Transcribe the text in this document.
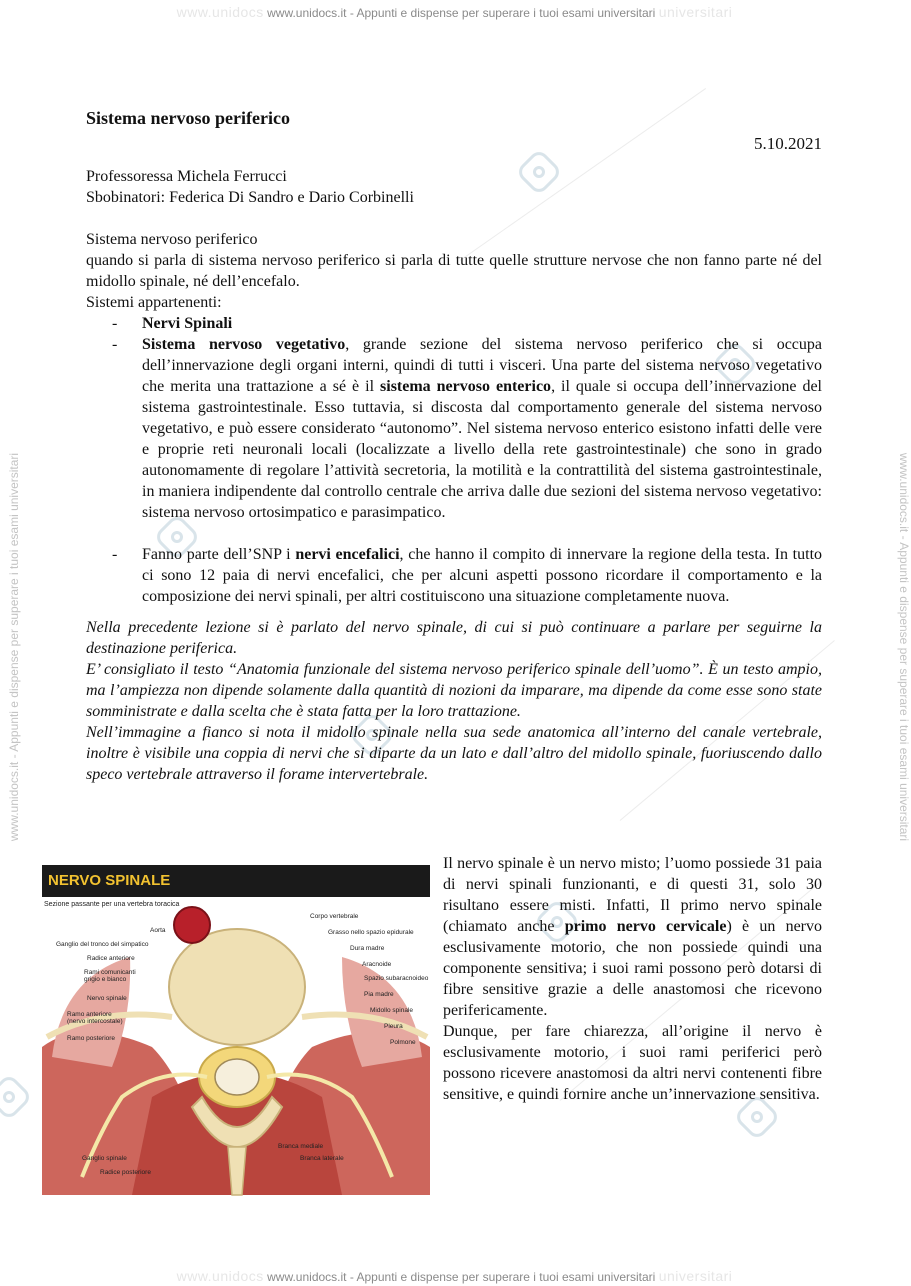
www.unidocs www.unidocs.it - Appunti e dispense per superare i tuoi esami universitari universitari
www.unidocs.it - Appunti e dispense per superare i tuoi esami universitari	www.unidocs.it - Appunti e dispense per superare i tuoi esami universitari

Sistema nervoso periferico

5.10.2021

Professoressa Michela Ferrucci

Sbobinatori: Federica Di Sandro e Dario Corbinelli

Sistema nervoso periferico

quando si parla di sistema nervoso periferico si parla di tutte quelle strutture nervose che non fanno parte né del midollo spinale, né dell’encefalo.

Sistemi appartenenti:

- Nervi Spinali
- Sistema nervoso vegetativo, grande sezione del sistema nervoso periferico che si occupa dell’innervazione degli organi interni, quindi di tutti i visceri. Una parte del sistema nervoso vegetativo che merita una trattazione a sé è il sistema nervoso enterico, il quale si occupa dell’innervazione del sistema gastrointestinale. Esso tuttavia, si discosta dal comportamento generale del sistema nervoso vegetativo, e può essere considerato “autonomo”. Nel sistema nervoso enterico esistono infatti delle vere e proprie reti neuronali locali (localizzate a livello della rete gastrointestinale) che sono in grado autonomamente di regolare l’attività secretoria, la motilità e la contrattilità del sistema gastrointestinale, in maniera indipendente dal controllo centrale che arriva dalle due sezioni del sistema nervoso vegetativo: sistema nervoso ortosimpatico e parasimpatico.
- Fanno parte dell’SNP i nervi encefalici, che hanno il compito di innervare la regione della testa. In tutto ci sono 12 paia di nervi encefalici, che per alcuni aspetti possono ricordare il comportamento e la composizione dei nervi spinali, per altri costituiscono una situazione completamente nuova.

Nella precedente lezione si è parlato del nervo spinale, di cui si può continuare a parlare per seguirne la destinazione periferica.

E’ consigliato il testo “Anatomia funzionale del sistema nervoso periferico spinale dell’uomo”. È un testo ampio, ma l’ampiezza non dipende solamente dalla quantità di nozioni da imparare, ma dipende da come esse sono state somministrate e dalla scelta che è stata fatta per la loro trattazione.

Nell’immagine a fianco si nota il midollo spinale nella sua sede anatomica all’interno del canale vertebrale, inoltre è visibile una coppia di nervi che si diparte da un lato e dall’altro del midollo spinale, fuoriuscendo dallo speco vertebrale attraverso il forame intervertebrale.

NERVO SPINALE
Sezione passante per una vertebra toracica
Aorta
Ganglio del tronco del simpatico
Radice anteriore
Rami comunicanti grigio e bianco
Nervo spinale
Ramo anteriore (nervo intercostale)
Ramo posteriore
Ganglio spinale
Radice posteriore
Corpo vertebrale
Grasso nello spazio epidurale
Dura madre
Aracnoide
Spazio subaracnoideo
Pia madre
Midollo spinale
Pleura
Polmone
Branca mediale
Branca laterale

Il nervo spinale è un nervo misto; l’uomo possiede 31 paia di nervi spinali funzionanti, e di questi 31, solo 30 risultano essere misti. Infatti, Il primo nervo spinale (chiamato anche primo nervo cervicale) è un nervo esclusivamente motorio, che non possiede quindi una componente sensitiva; i suoi rami possono però dotarsi di fibre sensitive grazie a delle anastomosi che ricevono perifericamente.

Dunque, per fare chiarezza, all’origine il nervo è esclusivamente motorio, i suoi rami periferici però possono ricevere anastomosi da altri nervi contenenti fibre sensitive, e quindi fornire anche un’innervazione sensitiva.

www.unidocs www.unidocs.it - Appunti e dispense per superare i tuoi esami universitari universitari
